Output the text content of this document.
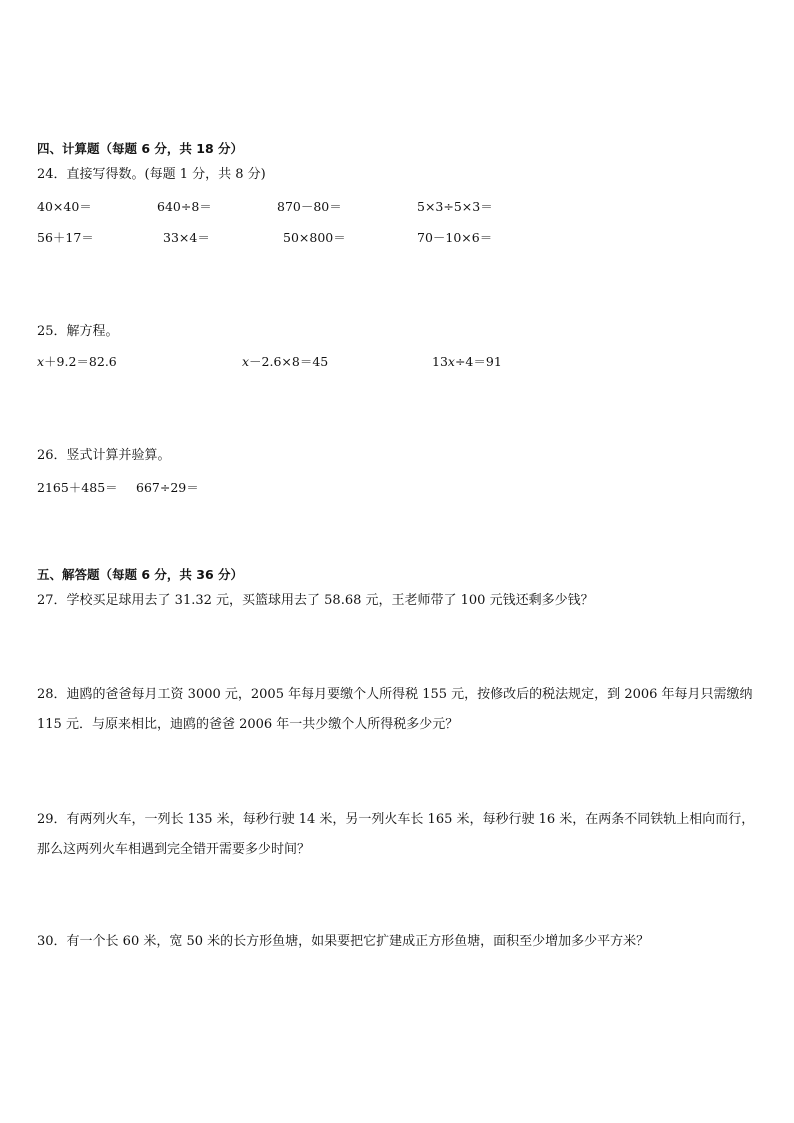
四、计算题（每题 6 分，共 18 分）
24．直接写得数。(每题 1 分，共 8 分)
40×40＝	640÷8＝	870－80＝	5×3÷5×3＝
56＋17＝	33×4＝	50×800＝	70－10×6＝
25．解方程。
𝑥＋9.2＝82.6	𝑥－2.6×8＝45	13𝑥÷4＝91
26．竖式计算并验算。
2165＋485＝ 667÷29＝
五、解答题（每题 6 分，共 36 分）
27．学校买足球用去了 31.32 元，买篮球用去了 58.68 元，王老师带了 100 元钱还剩多少钱？
28．迪鸥的爸爸每月工资 3000 元，2005 年每月要缴个人所得税 155 元，按修改后的税法规定，到 2006 年每月只需缴纳 115 元．与原来相比，迪鸥的爸爸 2006 年一共少缴个人所得税多少元？
29．有两列火车，一列长 135 米，每秒行驶 14 米，另一列火车长 165 米，每秒行驶 16 米，在两条不同铁轨上相向而行，那么这两列火车相遇到完全错开需要多少时间？
30．有一个长 60 米，宽 50 米的长方形鱼塘，如果要把它扩建成正方形鱼塘，面积至少增加多少平方米？
